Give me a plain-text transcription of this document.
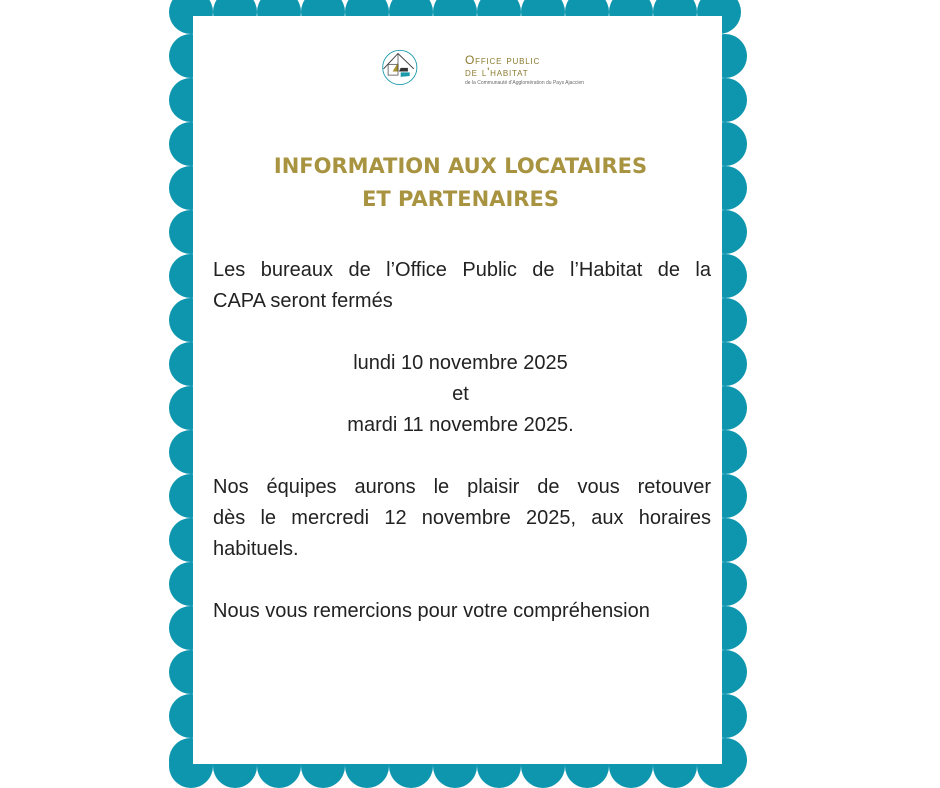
Office public
de l'habitat
de la Communauté d'Agglomération du Pays Ajaccien
INFORMATION AUX LOCATAIRES
ET PARTENAIRES
Les bureaux de l’Office Public de l’Habitat de la
CAPA seront fermés
lundi 10 novembre 2025
et
mardi 11 novembre 2025.
Nos équipes aurons le plaisir de vous retouver
dès le mercredi 12 novembre 2025, aux horaires
habituels.
Nous vous remercions pour votre compréhension
